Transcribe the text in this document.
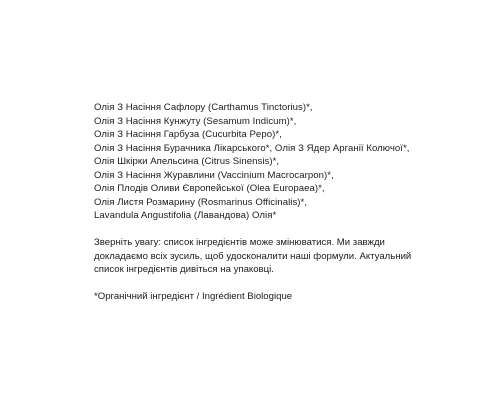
Олія З Насіння Сафлору (Carthamus Tinctorius)*,
Олія З Насіння Кунжуту (Sesamum Indicum)*,
Олія З Насіння Гарбуза (Cucurbita Pepo)*,
Олія З Насіння Бурачника Лікарського*, Олія З Ядер Арганії Колючої*,
Олія Шкірки Апельсина (Citrus Sinensis)*,
Олія З Насіння Журавлини (Vaccinium Macrocarpon)*,
Олія Плодів Оливи Європейської (Olea Europaea)*,
Олія Листя Розмарину (Rosmarinus Officinalis)*,
Lavandula Angustifolia (Лавандова) Олія*

Зверніть увагу: список інгредієнтів може змінюватися. Ми завжди докладаємо всіх зусиль, щоб удосконалити наші формули. Актуальний список інгредієнтів дивіться на упаковці.

*Органічний інгредієнт / Ingrédient Biologique
